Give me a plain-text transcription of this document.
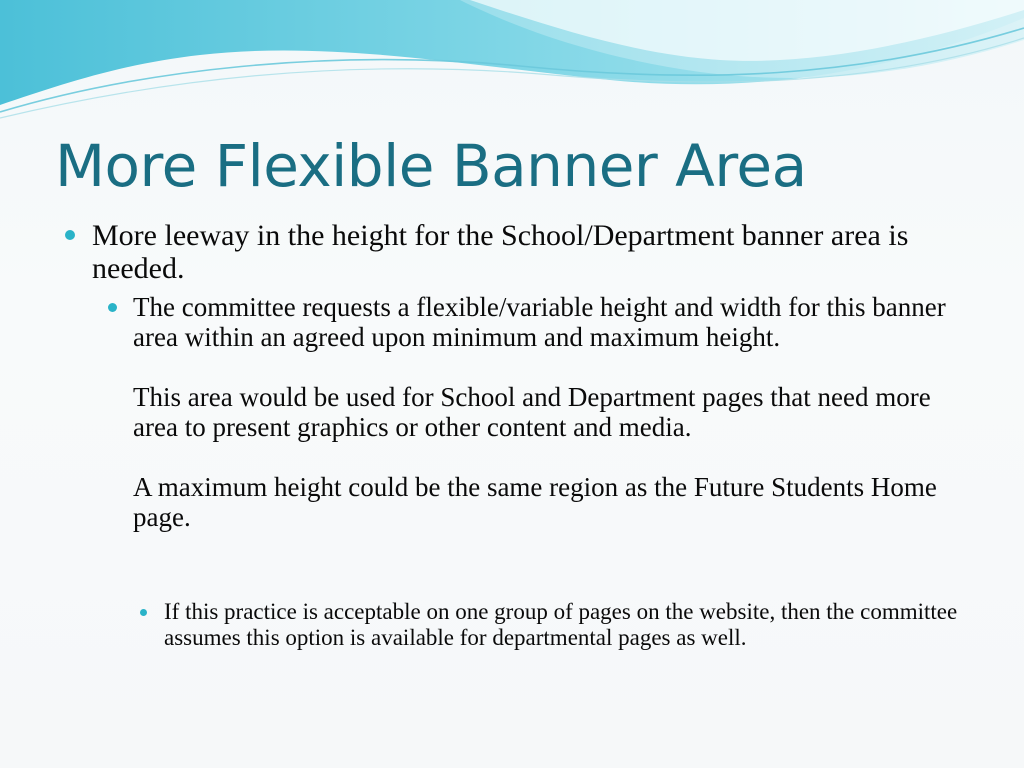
More Flexible Banner Area
More leeway in the height for the School/Department banner area is needed.

The committee requests a flexible/variable height and width for this banner area within an agreed upon minimum and maximum height.

This area would be used for School and Department pages that need more area to present graphics or other content and media.

A maximum height could be the same region as the Future Students Home page.

If this practice is acceptable on one group of pages on the website, then the committee assumes this option is available for departmental pages as well.
